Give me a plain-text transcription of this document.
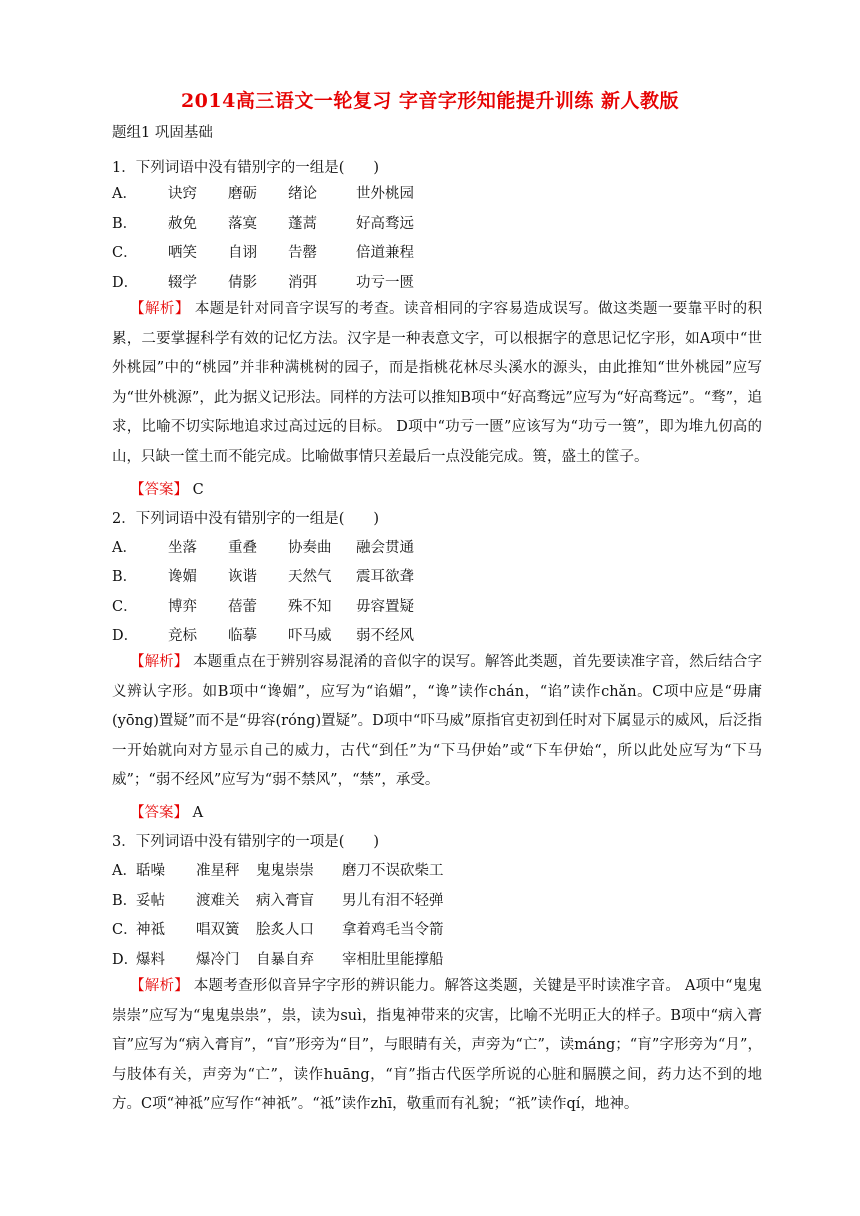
2014高三语文一轮复习 字音字形知能提升训练 新人教版
题组1 巩固基础
1．下列词语中没有错别字的一组是(　　)
A． 诀窍 磨砺 绪论	世外桃园
B． 赦免 落寞 蓬蒿	好高骛远
C． 哂笑 自诩 告罄	倍道兼程
D． 辍学 倩影 消弭	功亏一匮
【解析】 本题是针对同音字误写的考查。读音相同的字容易造成误写。做这类题一要靠平时的积累，二要掌握科学有效的记忆方法。汉字是一种表意文字，可以根据字的意思记忆字形，如A项中“世外桃园”中的“桃园”并非种满桃树的园子，而是指桃花林尽头溪水的源头，由此推知“世外桃园”应写为“世外桃源”，此为据义记形法。同样的方法可以推知B项中“好高骛远”应写为“好高骛远”。“骛”，追求，比喻不切实际地追求过高过远的目标。 D项中“功亏一匮”应该写为“功亏一篑”，即为堆九仞高的山，只缺一筐土而不能完成。比喻做事情只差最后一点没能完成。篑，盛土的筐子。
【答案】 C
2．下列词语中没有错别字的一组是(　　)
A． 坐落 重叠 协奏曲 融会贯通
B． 谗媚 诙谐 天然气 震耳欲聋
C． 博弈 蓓蕾 殊不知 毋容置疑
D． 竞标 临摹 吓马威 弱不经风
【解析】 本题重点在于辨别容易混淆的音似字的误写。解答此类题，首先要读准字音，然后结合字义辨认字形。如B项中“谗媚”，应写为“谄媚”，“谗”读作chán，“谄”读作chǎn。C项中应是“毋庸(yōng)置疑”而不是“毋容(róng)置疑”。D项中“吓马威”原指官吏初到任时对下属显示的威风，后泛指一开始就向对方显示自己的威力，古代“到任”为“下马伊始”或“下车伊始“，所以此处应写为“下马威”；“弱不经风”应写为“弱不禁风”，“禁”，承受。
【答案】 A
3．下列词语中没有错别字的一项是(　　)
A．聒噪 准星秤 鬼鬼崇崇 磨刀不误砍柴工
B．妥帖 渡难关 病入膏盲 男儿有泪不轻弹
C．神祗 唱双簧 脍炙人口 拿着鸡毛当令箭
D．爆料 爆冷门 自暴自弃 宰相肚里能撑船
【解析】 本题考查形似音异字字形的辨识能力。解答这类题，关键是平时读准字音。 A项中“鬼鬼崇崇”应写为“鬼鬼祟祟”，祟，读为suì，指鬼神带来的灾害，比喻不光明正大的样子。B项中“病入膏盲”应写为“病入膏肓”，“盲”形旁为“目”，与眼睛有关，声旁为“亡”，读máng；“肓”字形旁为“月”，与肢体有关，声旁为“亡”，读作huāng，“肓”指古代医学所说的心脏和膈膜之间，药力达不到的地方。C项“神祗”应写作“神祇”。“祗”读作zhī，敬重而有礼貌；“祇”读作qí，地神。
